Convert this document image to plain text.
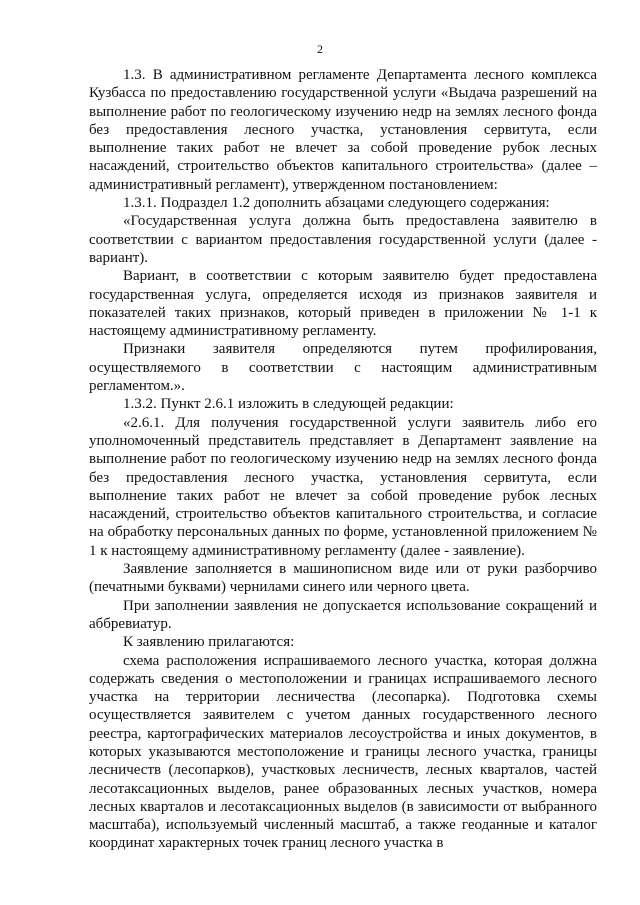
2

1.3. В административном регламенте Департамента лесного комплекса Кузбасса по предоставлению государственной услуги «Выдача разрешений на выполнение работ по геологическому изучению недр на землях лесного фонда без предоставления лесного участка, установления сервитута, если выполнение таких работ не влечет за собой проведение рубок лесных насаждений, строительство объектов капитального строительства» (далее – административный регламент), утвержденном постановлением:

1.3.1. Подраздел 1.2 дополнить абзацами следующего содержания:

«Государственная услуга должна быть предоставлена заявителю в соответствии с вариантом предоставления государственной услуги (далее - вариант).

Вариант, в соответствии с которым заявителю будет предоставлена государственная услуга, определяется исходя из признаков заявителя и показателей таких признаков, который приведен в приложении № 1-1 к настоящему административному регламенту.

Признаки заявителя определяются путем профилирования, осуществляемого в соответствии с настоящим административным регламентом.».

1.3.2. Пункт 2.6.1 изложить в следующей редакции:

«2.6.1. Для получения государственной услуги заявитель либо его уполномоченный представитель представляет в Департамент заявление на выполнение работ по геологическому изучению недр на землях лесного фонда без предоставления лесного участка, установления сервитута, если выполнение таких работ не влечет за собой проведение рубок лесных насаждений, строительство объектов капитального строительства, и согласие на обработку персональных данных по форме, установленной приложением № 1 к настоящему административному регламенту (далее - заявление).

Заявление заполняется в машинописном виде или от руки разборчиво (печатными буквами) чернилами синего или черного цвета.

При заполнении заявления не допускается использование сокращений и аббревиатур.

К заявлению прилагаются:

схема расположения испрашиваемого лесного участка, которая должна содержать сведения о местоположении и границах испрашиваемого лесного участка на территории лесничества (лесопарка). Подготовка схемы осуществляется заявителем с учетом данных государственного лесного реестра, картографических материалов лесоустройства и иных документов, в которых указываются местоположение и границы лесного участка, границы лесничеств (лесопарков), участковых лесничеств, лесных кварталов, частей лесотаксационных выделов, ранее образованных лесных участков, номера лесных кварталов и лесотаксационных выделов (в зависимости от выбранного масштаба), используемый численный масштаб, а также геоданные и каталог координат характерных точек границ лесного участка в
